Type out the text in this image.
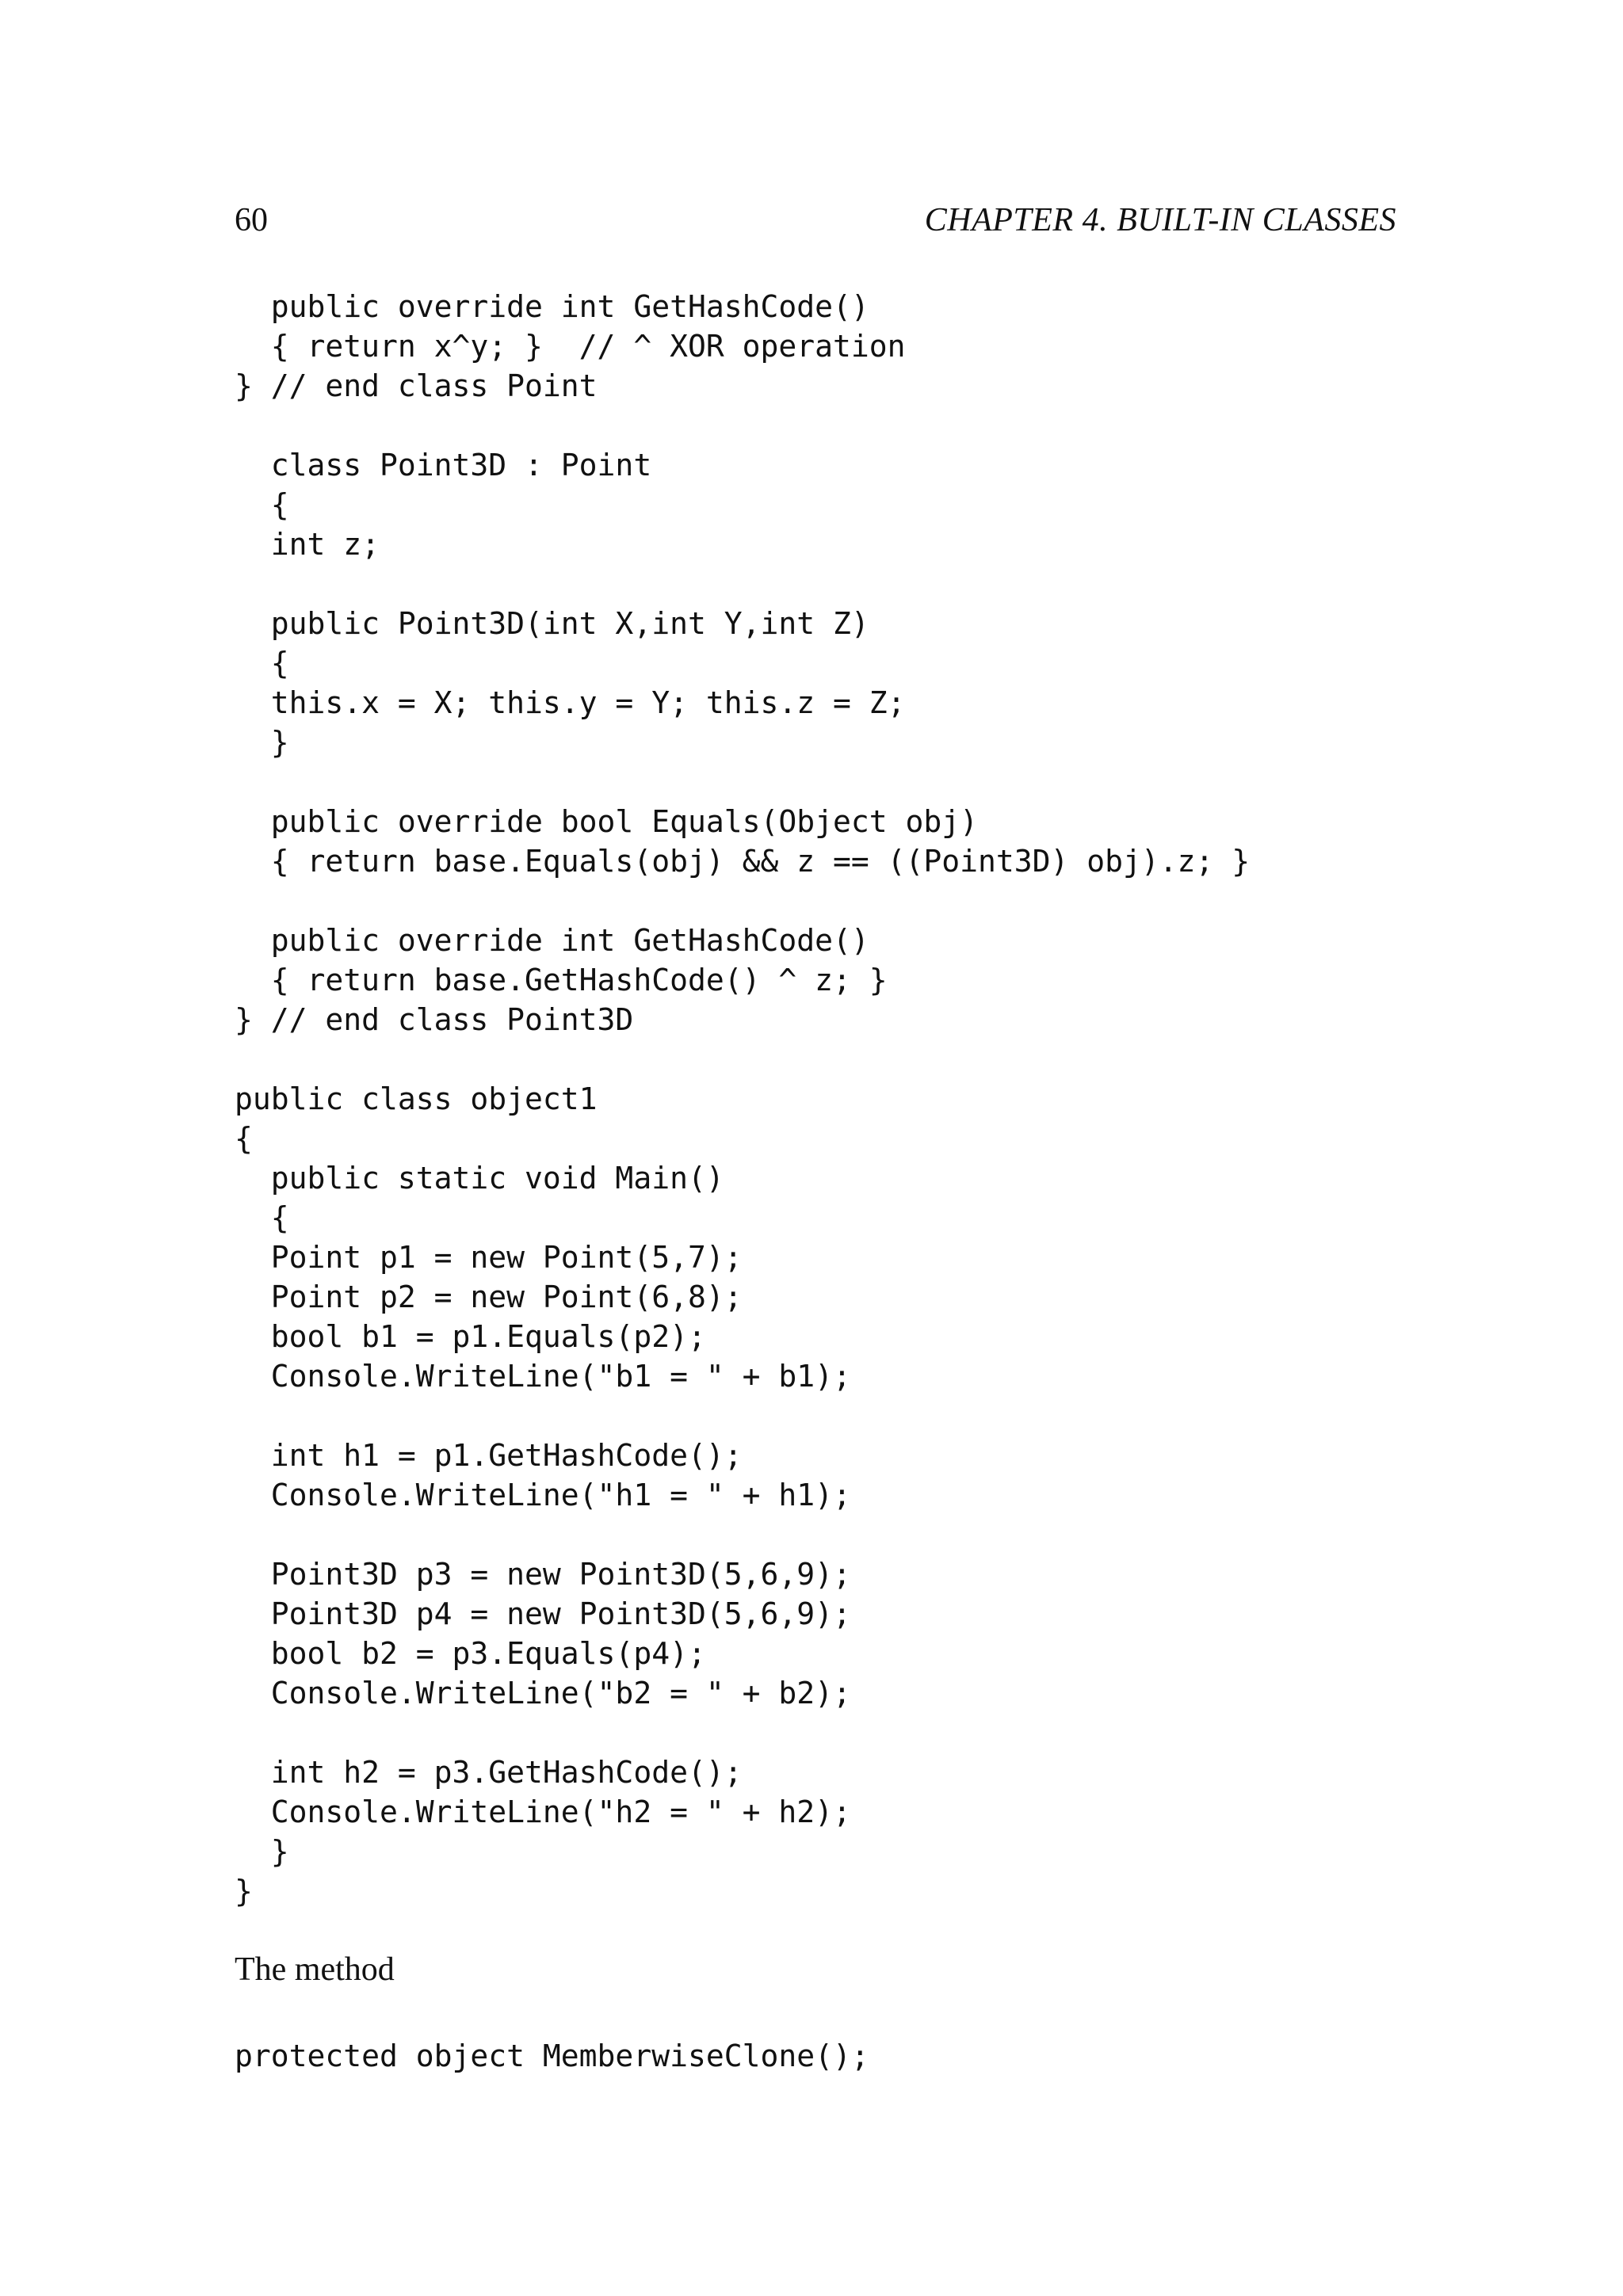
60	CHAPTER 4. BUILT-IN CLASSES
public override int GetHashCode()
{ return x^y; }  // ^ XOR operation
} // end class Point
class Point3D : Point
{
int z;
public Point3D(int X,int Y,int Z)
{
this.x = X; this.y = Y; this.z = Z;
}
public override bool Equals(Object obj)
{ return base.Equals(obj) && z == ((Point3D) obj).z; }
public override int GetHashCode()
{ return base.GetHashCode() ^ z; }
} // end class Point3D
public class object1
{
public static void Main()
{
Point p1 = new Point(5,7);
Point p2 = new Point(6,8);
bool b1 = p1.Equals(p2);
Console.WriteLine("b1 = " + b1);
int h1 = p1.GetHashCode();
Console.WriteLine("h1 = " + h1);
Point3D p3 = new Point3D(5,6,9);
Point3D p4 = new Point3D(5,6,9);
bool b2 = p3.Equals(p4);
Console.WriteLine("b2 = " + b2);
int h2 = p3.GetHashCode();
Console.WriteLine("h2 = " + h2);
}
}

The method

protected object MemberwiseClone();
